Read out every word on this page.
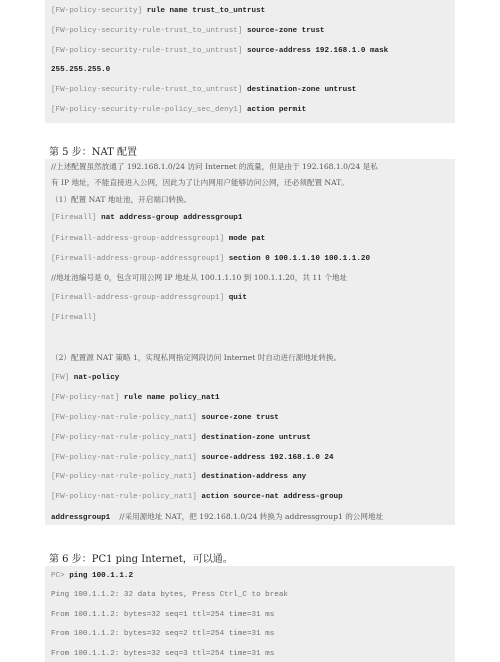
[FW-policy-security] rule name trust_to_untrust
[FW-policy-security-rule-trust_to_untrust] source-zone trust
[FW-policy-security-rule-trust_to_untrust] source-address 192.168.1.0 mask
255.255.255.0
[FW-policy-security-rule-trust_to_untrust] destination-zone untrust
[FW-policy-security-rule-policy_sec_deny1] action permit
第 5 步：NAT 配置
//上述配置虽然放通了 192.168.1.0/24 访问 Internet 的流量，但是由于 192.168.1.0/24 是私
有 IP 地址，不能直接进入公网，因此为了让内网用户能够访问公网，还必须配置 NAT。
（1）配置 NAT 地址池，开启端口转换。
[Firewall] nat address-group addressgroup1
[Firewall-address-group-addressgroup1] mode pat
[Firewall-address-group-addressgroup1] section 0 100.1.1.10 100.1.1.20
//地址池编号是 0，包含可用公网 IP 地址从 100.1.1.10 到 100.1.1.20，共 11 个地址
[Firewall-address-group-addressgroup1] quit
[Firewall]
（2）配置源 NAT 策略 1，实现私网指定网段访问 Internet 时自动进行源地址转换。
[FW] nat-policy
[FW-policy-nat] rule name policy_nat1
[FW-policy-nat-rule-policy_nat1] source-zone trust
[FW-policy-nat-rule-policy_nat1] destination-zone untrust
[FW-policy-nat-rule-policy_nat1] source-address 192.168.1.0 24
[FW-policy-nat-rule-policy_nat1] destination-address any
[FW-policy-nat-rule-policy_nat1] action source-nat address-group
addressgroup1 //采用源地址 NAT，把 192.168.1.0/24 转换为 addressgroup1 的公网地址
第 6 步：PC1 ping Internet，可以通。
PC> ping 100.1.1.2
Ping 100.1.1.2: 32 data bytes, Press Ctrl_C to break
From 100.1.1.2: bytes=32 seq=1 ttl=254 time=31 ms
From 100.1.1.2: bytes=32 seq=2 ttl=254 time=31 ms
From 100.1.1.2: bytes=32 seq=3 ttl=254 time=31 ms
